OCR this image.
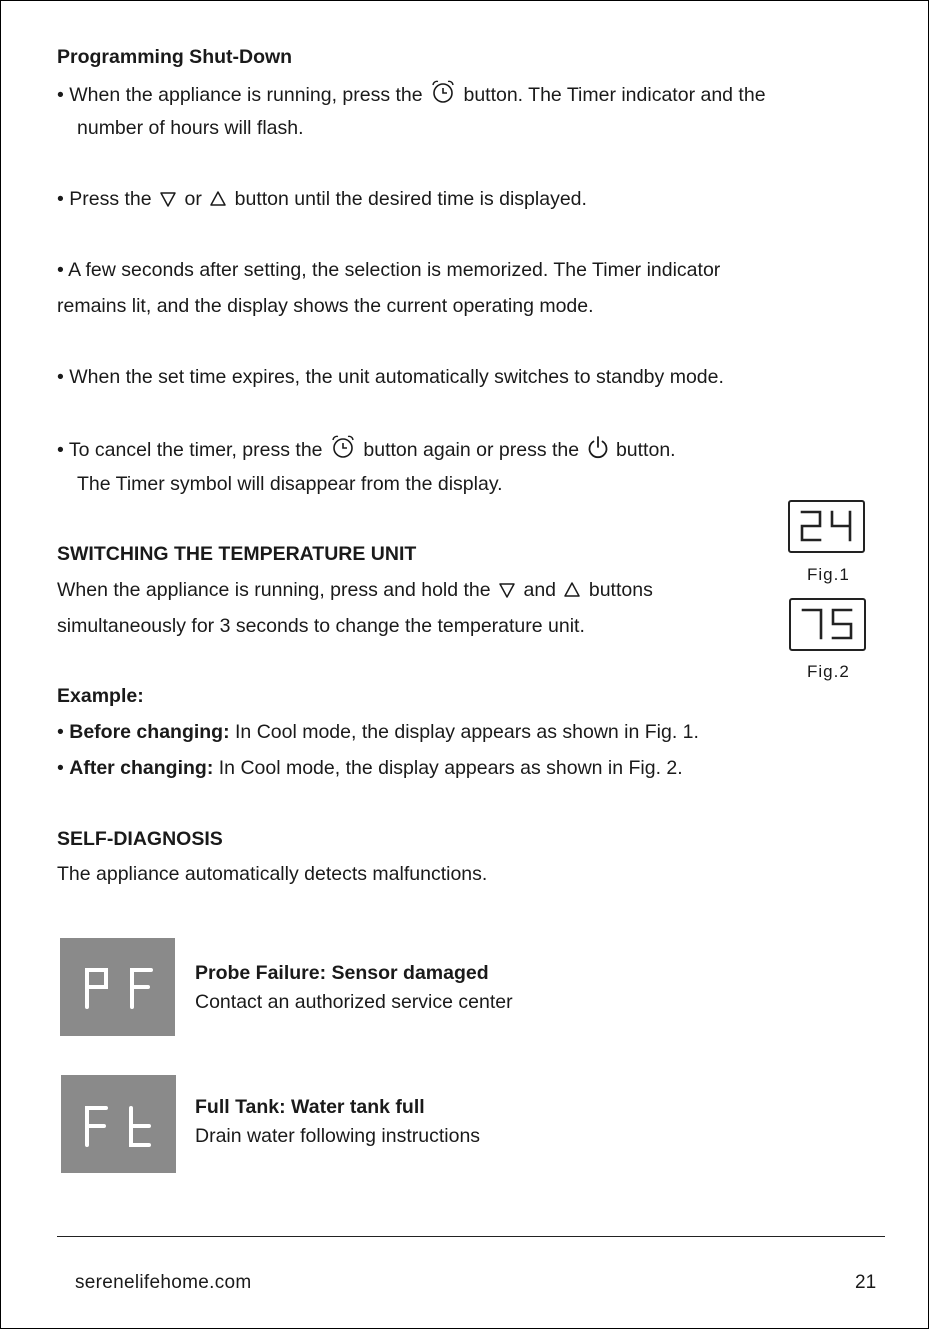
Programming Shut-Down
• When the appliance is running, press the button. The Timer indicator and the
number of hours will flash.
• Press the or button until the desired time is displayed.
• A few seconds after setting, the selection is memorized. The Timer indicator
remains lit, and the display shows the current operating mode.
• When the set time expires, the unit automatically switches to standby mode.
• To cancel the timer, press the button again or press the button.
The Timer symbol will disappear from the display.
SWITCHING THE TEMPERATURE UNIT
When the appliance is running, press and hold the and buttons
simultaneously for 3 seconds to change the temperature unit.
Fig.1
Fig.2
Example:
• Before changing: In Cool mode, the display appears as shown in Fig. 1.
• After changing: In Cool mode, the display appears as shown in Fig. 2.
SELF-DIAGNOSIS
The appliance automatically detects malfunctions.
Probe Failure: Sensor damaged
Contact an authorized service center
Full Tank: Water tank full
Drain water following instructions
serenelifehome.com	21
